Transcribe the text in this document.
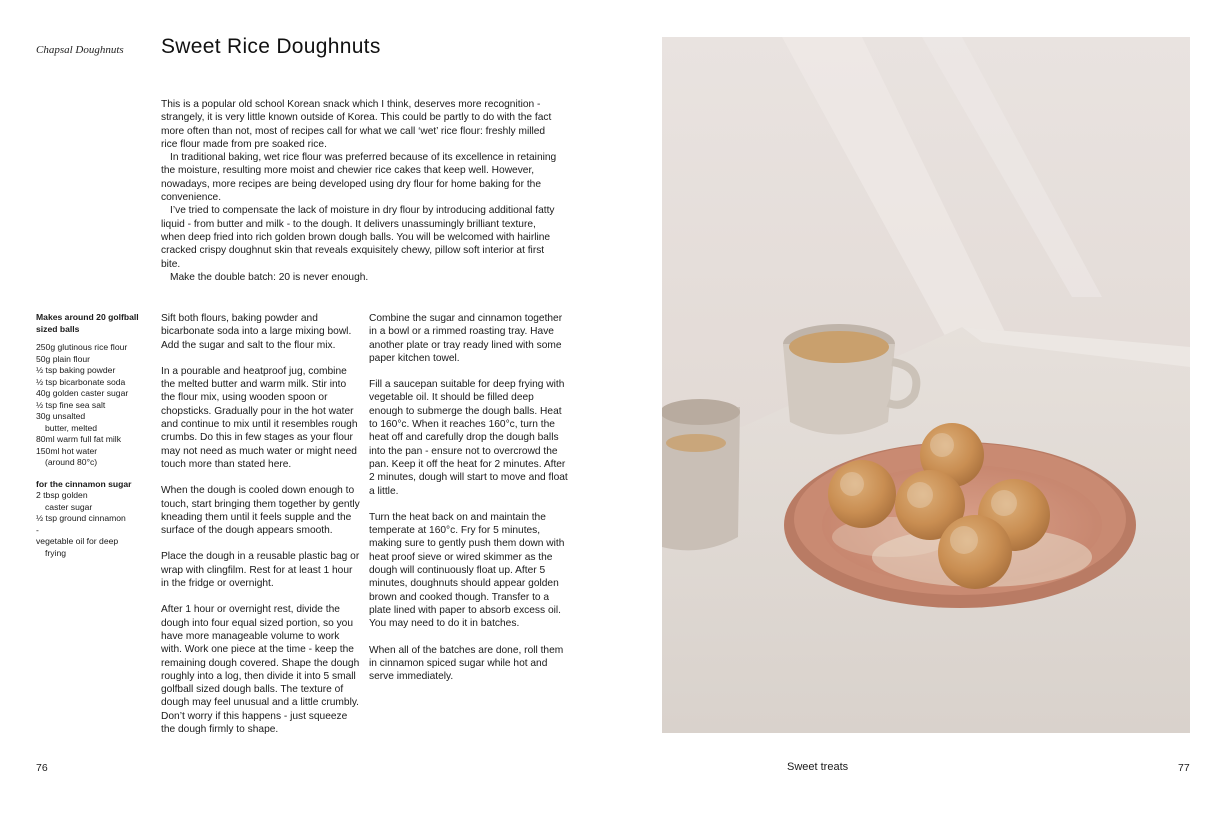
Chapsal Doughnuts Sweet Rice Doughnuts

This is a popular old school Korean snack which I think, deserves more recognition - strangely, it is very little known outside of Korea. This could be partly to do with the fact more often than not, most of recipes call for what we call ‘wet’ rice flour: freshly milled rice flour made from pre soaked rice.

In traditional baking, wet rice flour was preferred because of its excellence in retaining the moisture, resulting more moist and chewier rice cakes that keep well. However, nowadays, more recipes are being developed using dry flour for home baking for the convenience.

I’ve tried to compensate the lack of moisture in dry flour by introducing additional fatty liquid - from butter and milk - to the dough. It delivers unassumingly brilliant texture, when deep fried into rich golden brown dough balls. You will be welcomed with hairline cracked crispy doughnut skin that reveals exquisitely chewy, pillow soft interior at first bite.

Make the double batch: 20 is never enough.

Makes around 20 golfball sized balls

250g glutinous rice flour

50g plain flour

½ tsp baking powder

½ tsp bicarbonate soda

40g golden caster sugar

½ tsp fine sea salt

30g unsalted

butter, melted

80ml warm full fat milk

150ml hot water

(around 80°c)

for the cinnamon sugar

2 tbsp golden

caster sugar

½ tsp ground cinnamon

-

vegetable oil for deep

frying

Sift both flours, baking powder and bicarbonate soda into a large mixing bowl. Add the sugar and salt to the flour mix.

In a pourable and heatproof jug, combine the melted butter and warm milk. Stir into the flour mix, using wooden spoon or chopsticks. Gradually pour in the hot water and continue to mix until it resembles rough crumbs. Do this in few stages as your flour may not need as much water or might need touch more than stated here.

When the dough is cooled down enough to touch, start bringing them together by gently kneading them until it feels supple and the surface of the dough appears smooth.

Place the dough in a reusable plastic bag or wrap with clingfilm. Rest for at least 1 hour in the fridge or overnight.

After 1 hour or overnight rest, divide the dough into four equal sized portion, so you have more manageable volume to work with. Work one piece at the time - keep the remaining dough covered. Shape the dough roughly into a log, then divide it into 5 small golfball sized dough balls. The texture of dough may feel unusual and a little crumbly. Don’t worry if this happens - just squeeze the dough firmly to shape.

Combine the sugar and cinnamon together in a bowl or a rimmed roasting tray. Have another plate or tray ready lined with some paper kitchen towel.

Fill a saucepan suitable for deep frying with vegetable oil. It should be filled deep enough to submerge the dough balls. Heat to 160°c. When it reaches 160°c, turn the heat off and carefully drop the dough balls into the pan - ensure not to overcrowd the pan. Keep it off the heat for 2 minutes. After 2 minutes, dough will start to move and float a little.

Turn the heat back on and maintain the temperate at 160°c. Fry for 5 minutes, making sure to gently push them down with heat proof sieve or wired skimmer as the dough will continuously float up. After 5 minutes, doughnuts should appear golden brown and cooked though. Transfer to a plate lined with paper to absorb excess oil. You may need to do it in batches.

When all of the batches are done, roll them in cinnamon spiced sugar while hot and serve immediately.

76	Sweet treats	77
